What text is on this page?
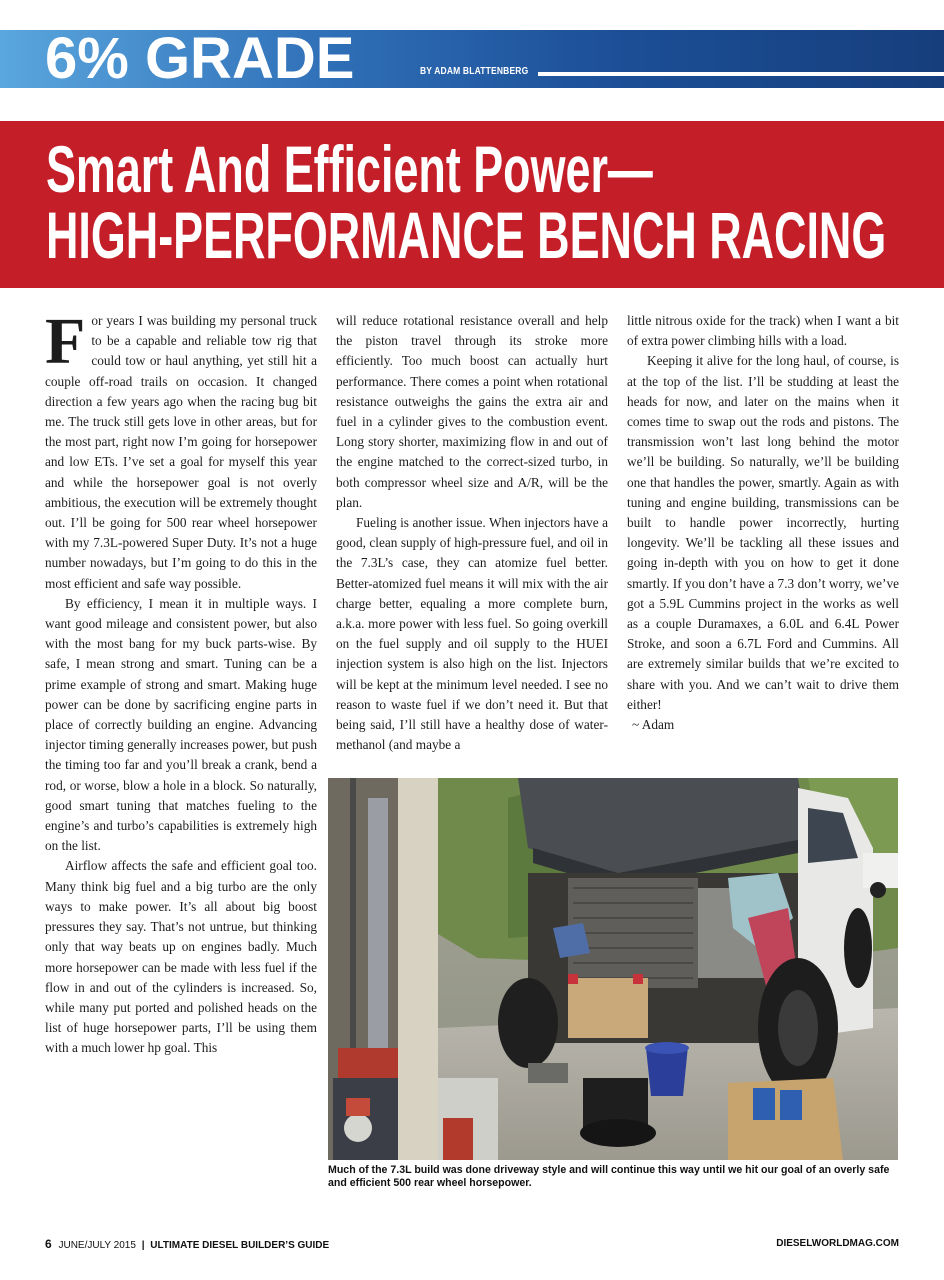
6% GRADE	BY ADAM BLATTENBERG
Smart And Efficient Power—
HIGH-PERFORMANCE BENCH RACING

For years I was building my personal truck to be a capable and reliable tow rig that could tow or haul anything, yet still hit a couple off-road trails on occasion. It changed direction a few years ago when the racing bug bit me. The truck still gets love in other areas, but for the most part, right now I’m going for horsepower and low ETs. I’ve set a goal for myself this year and while the horsepower goal is not overly ambitious, the execution will be extremely thought out. I’ll be going for 500 rear wheel horsepower with my 7.3L-powered Super Duty. It’s not a huge number nowadays, but I’m going to do this in the most efficient and safe way possible.

By efficiency, I mean it in multiple ways. I want good mileage and consistent power, but also with the most bang for my buck parts-wise. By safe, I mean strong and smart. Tuning can be a prime example of strong and smart. Making huge power can be done by sacrificing engine parts in place of correctly building an engine. Advancing injector timing generally increases power, but push the timing too far and you’ll break a crank, bend a rod, or worse, blow a hole in a block. So naturally, good smart tuning that matches fueling to the engine’s and turbo’s capabilities is extremely high on the list.

Airflow affects the safe and efficient goal too. Many think big fuel and a big turbo are the only ways to make power. It’s all about big boost pressures they say. That’s not untrue, but thinking only that way beats up on engines badly. Much more horsepower can be made with less fuel if the flow in and out of the cylinders is increased. So, while many put ported and polished heads on the list of huge horsepower parts, I’ll be using them with a much lower hp goal. This

will reduce rotational resistance overall and help the piston travel through its stroke more efficiently. Too much boost can actually hurt performance. There comes a point when rotational resistance outweighs the gains the extra air and fuel in a cylinder gives to the combustion event. Long story shorter, maximizing flow in and out of the engine matched to the correct-sized turbo, in both compressor wheel size and A/R, will be the plan.

Fueling is another issue. When injectors have a good, clean supply of high-pressure fuel, and oil in the 7.3L’s case, they can atomize fuel better. Better-atomized fuel means it will mix with the air charge better, equaling a more complete burn, a.k.a. more power with less fuel. So going overkill on the fuel supply and oil supply to the HUEI injection system is also high on the list. Injectors will be kept at the minimum level needed. I see no reason to waste fuel if we don’t need it. But that being said, I’ll still have a healthy dose of water-methanol (and maybe a

little nitrous oxide for the track) when I want a bit of extra power climbing hills with a load.

Keeping it alive for the long haul, of course, is at the top of the list. I’ll be studding at least the heads for now, and later on the mains when it comes time to swap out the rods and pistons. The transmission won’t last long behind the motor we’ll be building. So naturally, we’ll be building one that handles the power, smartly. Again as with tuning and engine building, transmissions can be built to handle power incorrectly, hurting longevity. We’ll be tackling all these issues and going in-depth with you on how to get it done smartly. If you don’t have a 7.3 don’t worry, we’ve got a 5.9L Cummins project in the works as well as a couple Duramaxes, a 6.0L and 6.4L Power Stroke, and soon a 6.7L Ford and Cummins. All are extremely similar builds that we’re excited to share with you. And we can’t wait to drive them either!

~ Adam

Much of the 7.3L build was done driveway style and will continue this way until we hit our goal of an overly safe and efficient 500 rear wheel horsepower.
6 JUNE/JULY 2015 | ULTIMATE DIESEL BUILDER’S GUIDE	DIESELWORLDMAG.COM
